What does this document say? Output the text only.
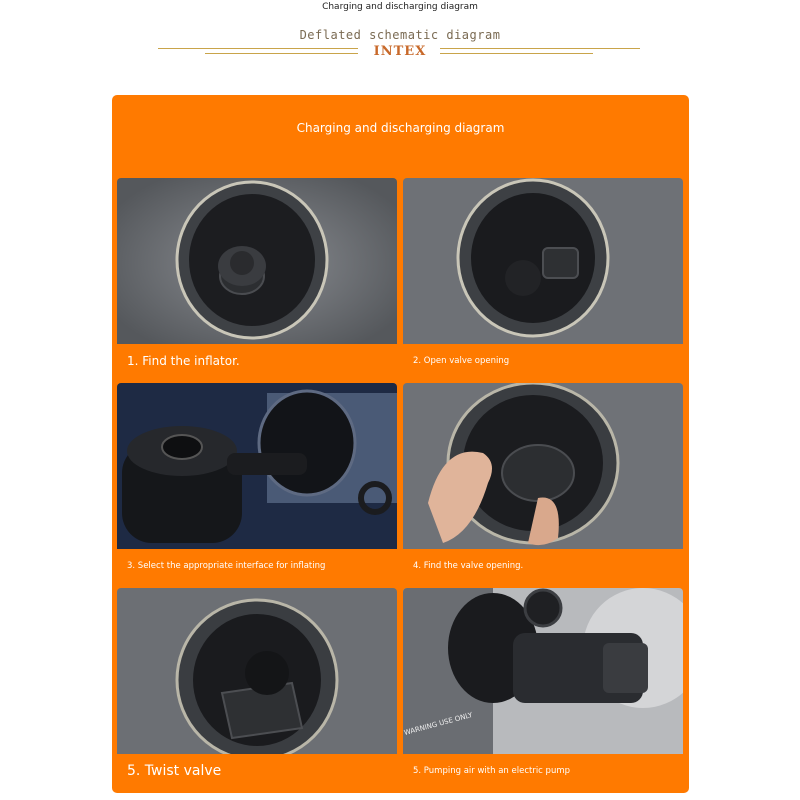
Charging and discharging diagram
Deflated schematic diagram
INTEX
Charging and discharging diagram
1. Find the inflator.	2. Open valve opening
3. Select the appropriate interface for inflating	4. Find the valve opening.
5. Twist valve
WARNING USE ONLY
5. Pumping air with an electric pump
